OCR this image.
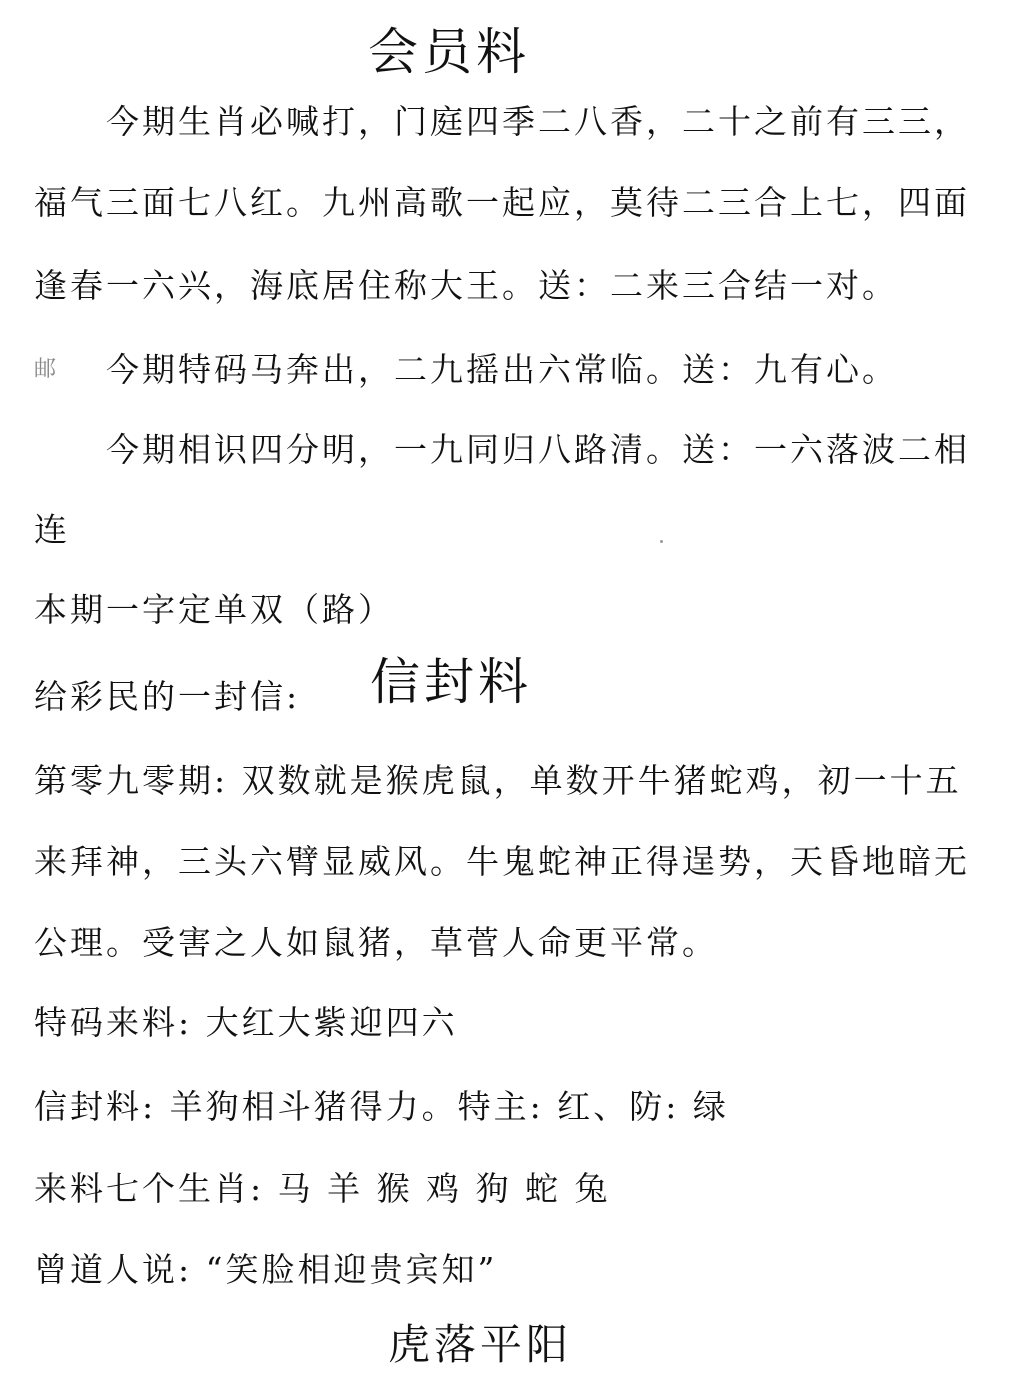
会员料
今期生肖必喊打，门庭四季二八香，二十之前有三三，
福气三面七八红。九州高歌一起应，莫待二三合上七，四面
逢春一六兴，海底居住称大王。送：二来三合结一对。
邮 今期特码马奔出，二九摇出六常临。送：九有心。
今期相识四分明，一九同归八路清。送：一六落波二相
连
本期一字定单双（路）
给彩民的一封信: 信封料
第零九零期: 双数就是猴虎鼠，单数开牛猪蛇鸡，初一十五
来拜神，三头六臂显威风。牛鬼蛇神正得逞势，天昏地暗无
公理。受害之人如鼠猪，草菅人命更平常。
特码来料: 大红大紫迎四六
信封料: 羊狗相斗猪得力。特主: 红、防: 绿
来料七个生肖: 马 羊 猴 鸡 狗 蛇 兔
曾道人说: “笑脸相迎贵宾知”
虎落平阳
